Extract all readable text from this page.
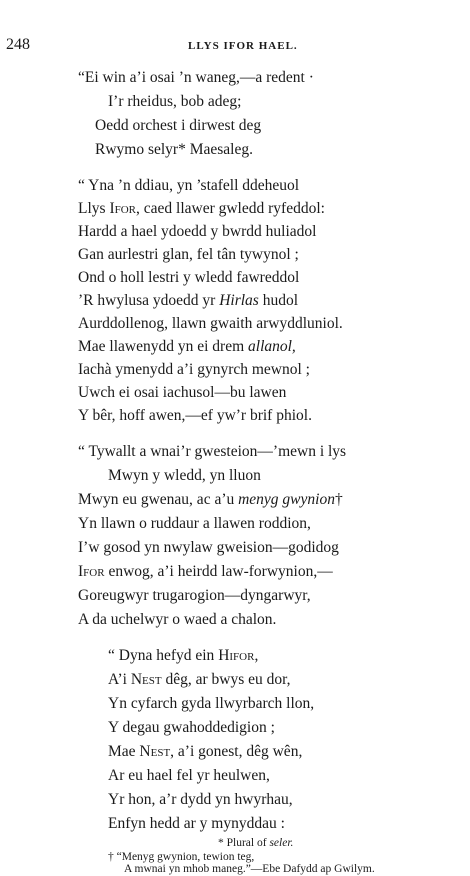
248	LLYS IFOR HAEL.
“Ei win a’i osai ’n waneg,—a redent ·
I’r rheidus, bob adeg;
Oedd orchest i dirwest deg
Rwymo selyr* Maesaleg.
“ Yna ’n ddiau, yn ’stafell ddeheuol
Llys Ifor, caed llawer gwledd ryfeddol:
Hardd a hael ydoedd y bwrdd huliadol
Gan aurlestri glan, fel tân tywynol ;
Ond o holl lestri y wledd fawreddol
’R hwylusa ydoedd yr Hirlas hudol
Aurddollenog, llawn gwaith arwyddluniol.
Mae llawenydd yn ei drem allanol,
Iachà ymenydd a’i gynyrch mewnol ;
Uwch ei osai iachusol—bu lawen
Y bêr, hoff awen,—ef yw’r brif phiol.
“ Tywallt a wnai’r gwesteion—’mewn i lys
Mwyn y wledd, yn lluon
Mwyn eu gwenau, ac a’u menyg gwynion†
Yn llawn o ruddaur a llawen roddion,
I’w gosod yn nwylaw gweision—godidog
Ifor enwog, a’i heirdd law-forwynion,—
Goreugwyr trugarogion—dyngarwyr,
A da uchelwyr o waed a chalon.
“ Dyna hefyd ein Hifor,
A’i Nest dêg, ar bwys eu dor,
Yn cyfarch gyda llwyrbarch llon,
Y degau gwahoddedigion ;
Mae Nest, a’i gonest, dêg wên,
Ar eu hael fel yr heulwen,
Yr hon, a’r dydd yn hwyrhau,
Enfyn hedd ar y mynyddau :
* Plural of seler.
† “Menyg gwynion, tewion teg,
A mwnai yn mhob maneg.”—Ebe Dafydd ap Gwilym.
